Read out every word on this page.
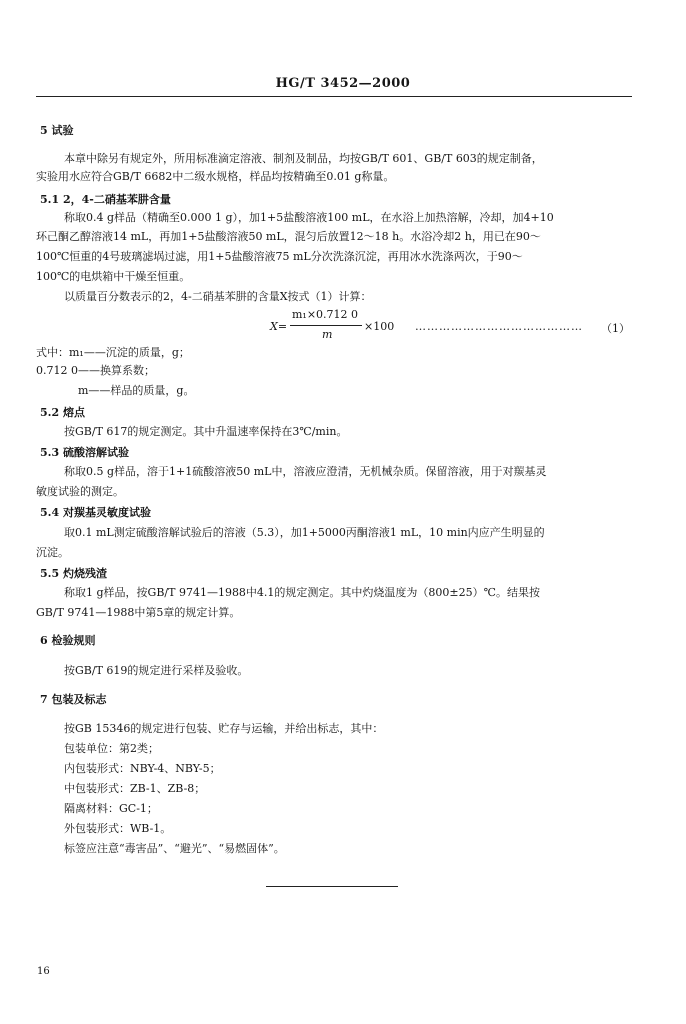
HG/T 3452—2000
5 试验
本章中除另有规定外，所用标准滴定溶液、制剂及制品，均按GB/T 601、GB/T 603的规定制备，
实验用水应符合GB/T 6682中二级水规格，样品均按精确至0.01 g称量。
5.1 2，4-二硝基苯肼含量
称取0.4 g样品（精确至0.000 1 g），加1+5盐酸溶液100 mL，在水浴上加热溶解，冷却，加4+10
环己酮乙醇溶液14 mL，再加1+5盐酸溶液50 mL，混匀后放置12～18 h。水浴冷却2 h，用已在90～
100℃恒重的4号玻璃滤埚过滤，用1+5盐酸溶液75 mL分次洗涤沉淀，再用冰水洗涤两次，于90～
100℃的电烘箱中干燥至恒重。
以质量百分数表示的2，4-二硝基苯肼的含量X按式（1）计算：
式中：m₁——沉淀的质量，g；
0.712 0——换算系数；
m——样品的质量，g。
5.2 熔点
按GB/T 617的规定测定。其中升温速率保持在3℃/min。
5.3 硫酸溶解试验
称取0.5 g样品，溶于1+1硫酸溶液50 mL中，溶液应澄清，无机械杂质。保留溶液，用于对羰基灵
敏度试验的测定。
5.4 对羰基灵敏度试验
取0.1 mL测定硫酸溶解试验后的溶液（5.3），加1+5000丙酮溶液1 mL，10 min内应产生明显的
沉淀。
5.5 灼烧残渣
称取1 g样品，按GB/T 9741—1988中4.1的规定测定。其中灼烧温度为（800±25）℃。结果按
GB/T 9741—1988中第5章的规定计算。
6 检验规则
按GB/T 619的规定进行采样及验收。
7 包装及标志
按GB 15346的规定进行包装、贮存与运输，并给出标志，其中：
包装单位：第2类；
内包装形式：NBY-4、NBY-5；
中包装形式：ZB-1、ZB-8；
隔离材料：GC-1；
外包装形式：WB-1。
标签应注意“毒害品”、“避光”、“易燃固体”。
X=
m₁×0.712 0
m
×100 …………………………………… （1）
16
